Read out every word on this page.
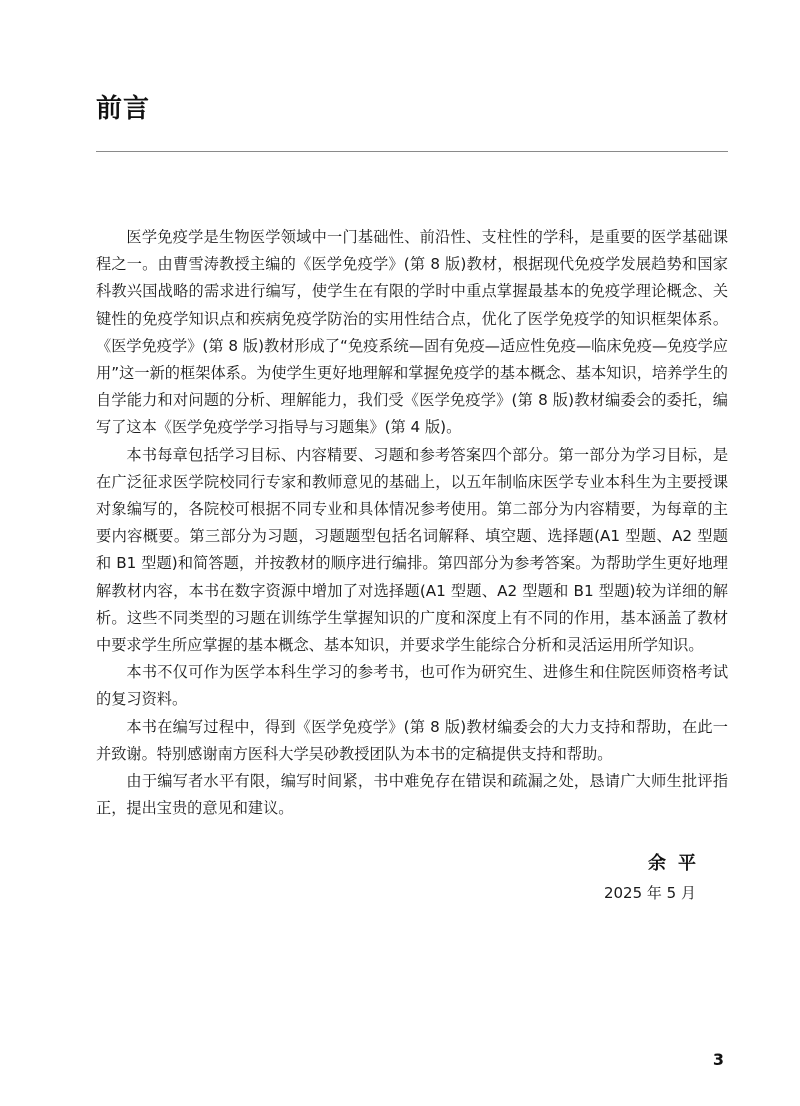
前言

医学免疫学是生物医学领域中一门基础性、前沿性、支柱性的学科，是重要的医学基础课程之一。由曹雪涛教授主编的《医学免疫学》(第 8 版)教材，根据现代免疫学发展趋势和国家科教兴国战略的需求进行编写，使学生在有限的学时中重点掌握最基本的免疫学理论概念、关键性的免疫学知识点和疾病免疫学防治的实用性结合点，优化了医学免疫学的知识框架体系。《医学免疫学》(第 8 版)教材形成了“免疫系统—固有免疫—适应性免疫—临床免疫—免疫学应用”这一新的框架体系。为使学生更好地理解和掌握免疫学的基本概念、基本知识，培养学生的自学能力和对问题的分析、理解能力，我们受《医学免疫学》(第 8 版)教材编委会的委托，编写了这本《医学免疫学学习指导与习题集》(第 4 版)。

本书每章包括学习目标、内容精要、习题和参考答案四个部分。第一部分为学习目标，是在广泛征求医学院校同行专家和教师意见的基础上，以五年制临床医学专业本科生为主要授课对象编写的，各院校可根据不同专业和具体情况参考使用。第二部分为内容精要，为每章的主要内容概要。第三部分为习题，习题题型包括名词解释、填空题、选择题(A1 型题、A2 型题和 B1 型题)和简答题，并按教材的顺序进行编排。第四部分为参考答案。为帮助学生更好地理解教材内容，本书在数字资源中增加了对选择题(A1 型题、A2 型题和 B1 型题)较为详细的解析。这些不同类型的习题在训练学生掌握知识的广度和深度上有不同的作用，基本涵盖了教材中要求学生所应掌握的基本概念、基本知识，并要求学生能综合分析和灵活运用所学知识。

本书不仅可作为医学本科生学习的参考书，也可作为研究生、进修生和住院医师资格考试的复习资料。

本书在编写过程中，得到《医学免疫学》(第 8 版)教材编委会的大力支持和帮助，在此一并致谢。特别感谢南方医科大学吴砂教授团队为本书的定稿提供支持和帮助。

由于编写者水平有限，编写时间紧，书中难免存在错误和疏漏之处，恳请广大师生批评指正，提出宝贵的意见和建议。

余平
2025 年 5 月
3
